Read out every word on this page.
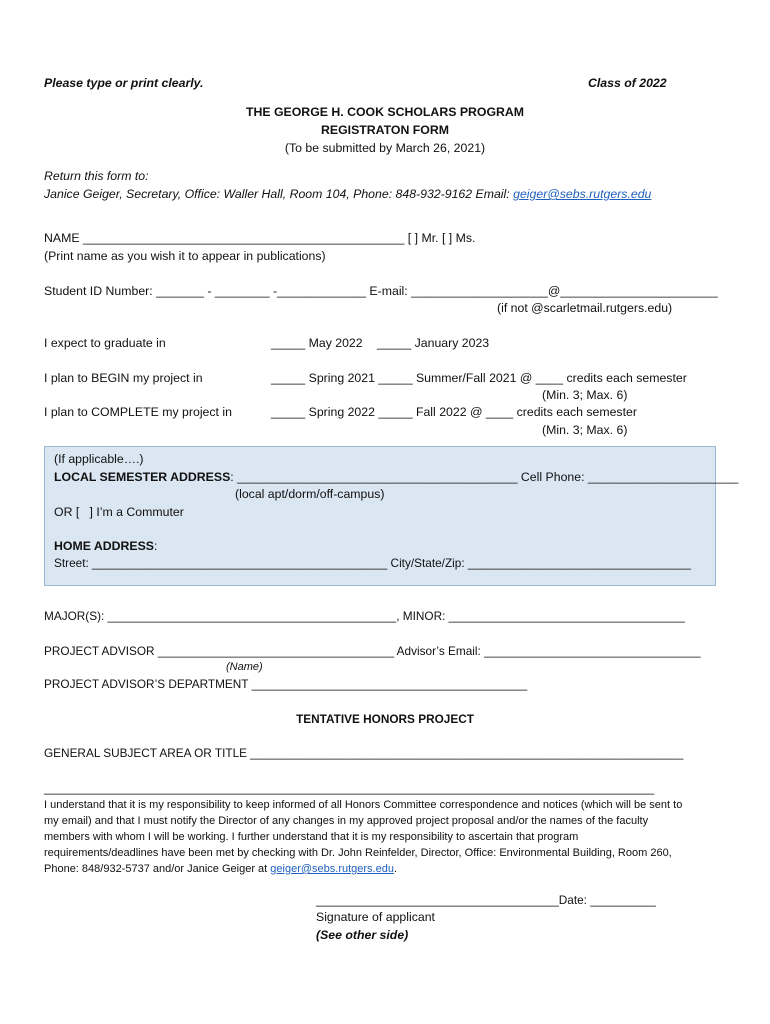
Please type or print clearly.	Class of 2022
THE GEORGE H. COOK SCHOLARS PROGRAM
REGISTRATON FORM
(To be submitted by March 26, 2021)
Return this form to:
Janice Geiger, Secretary, Office: Waller Hall, Room 104, Phone: 848-932-9162 Email: geiger@sebs.rutgers.edu
NAME _______________________________________________ [ ] Mr. [ ] Ms.
(Print name as you wish it to appear in publications)
Student ID Number: _______ - ________ -_____________ E-mail: ____________________@_______________________
(if not @scarletmail.rutgers.edu)
I expect to graduate in	_____ May 2022 _____ January 2023
I plan to BEGIN my project in	_____ Spring 2021 _____ Summer/Fall 2021 @ ____ credits each semester
(Min. 3; Max. 6)
I plan to COMPLETE my project in	_____ Spring 2022 _____ Fall 2022 @ ____ credits each semester
(Min. 3; Max. 6)
(If applicable….)
LOCAL SEMESTER ADDRESS: _________________________________________ Cell Phone: ______________________
(local apt/dorm/off-campus)
OR [   ] I’m a Commuter
HOME ADDRESS:
Street: _____________________________________________ City/State/Zip: __________________________________
MAJOR(S): ____________________________________________, MINOR: ____________________________________
PROJECT ADVISOR ____________________________________ Advisor’s Email: _________________________________
(Name)
PROJECT ADVISOR’S DEPARTMENT __________________________________________
TENTATIVE HONORS PROJECT
GENERAL SUBJECT AREA OR TITLE __________________________________________________________________
_____________________________________________________________________________________________
I understand that it is my responsibility to keep informed of all Honors Committee correspondence and notices (which will be sent to
my email) and that I must notify the Director of any changes in my approved project proposal and/or the names of the faculty
members with whom I will be working. I further understand that it is my responsibility to ascertain that program
requirements/deadlines have been met by checking with Dr. John Reinfelder, Director, Office: Environmental Building, Room 260,
Phone: 848/932-5737 and/or Janice Geiger at geiger@sebs.rutgers.edu.
_____________________________________Date: __________
Signature of applicant
(See other side)
